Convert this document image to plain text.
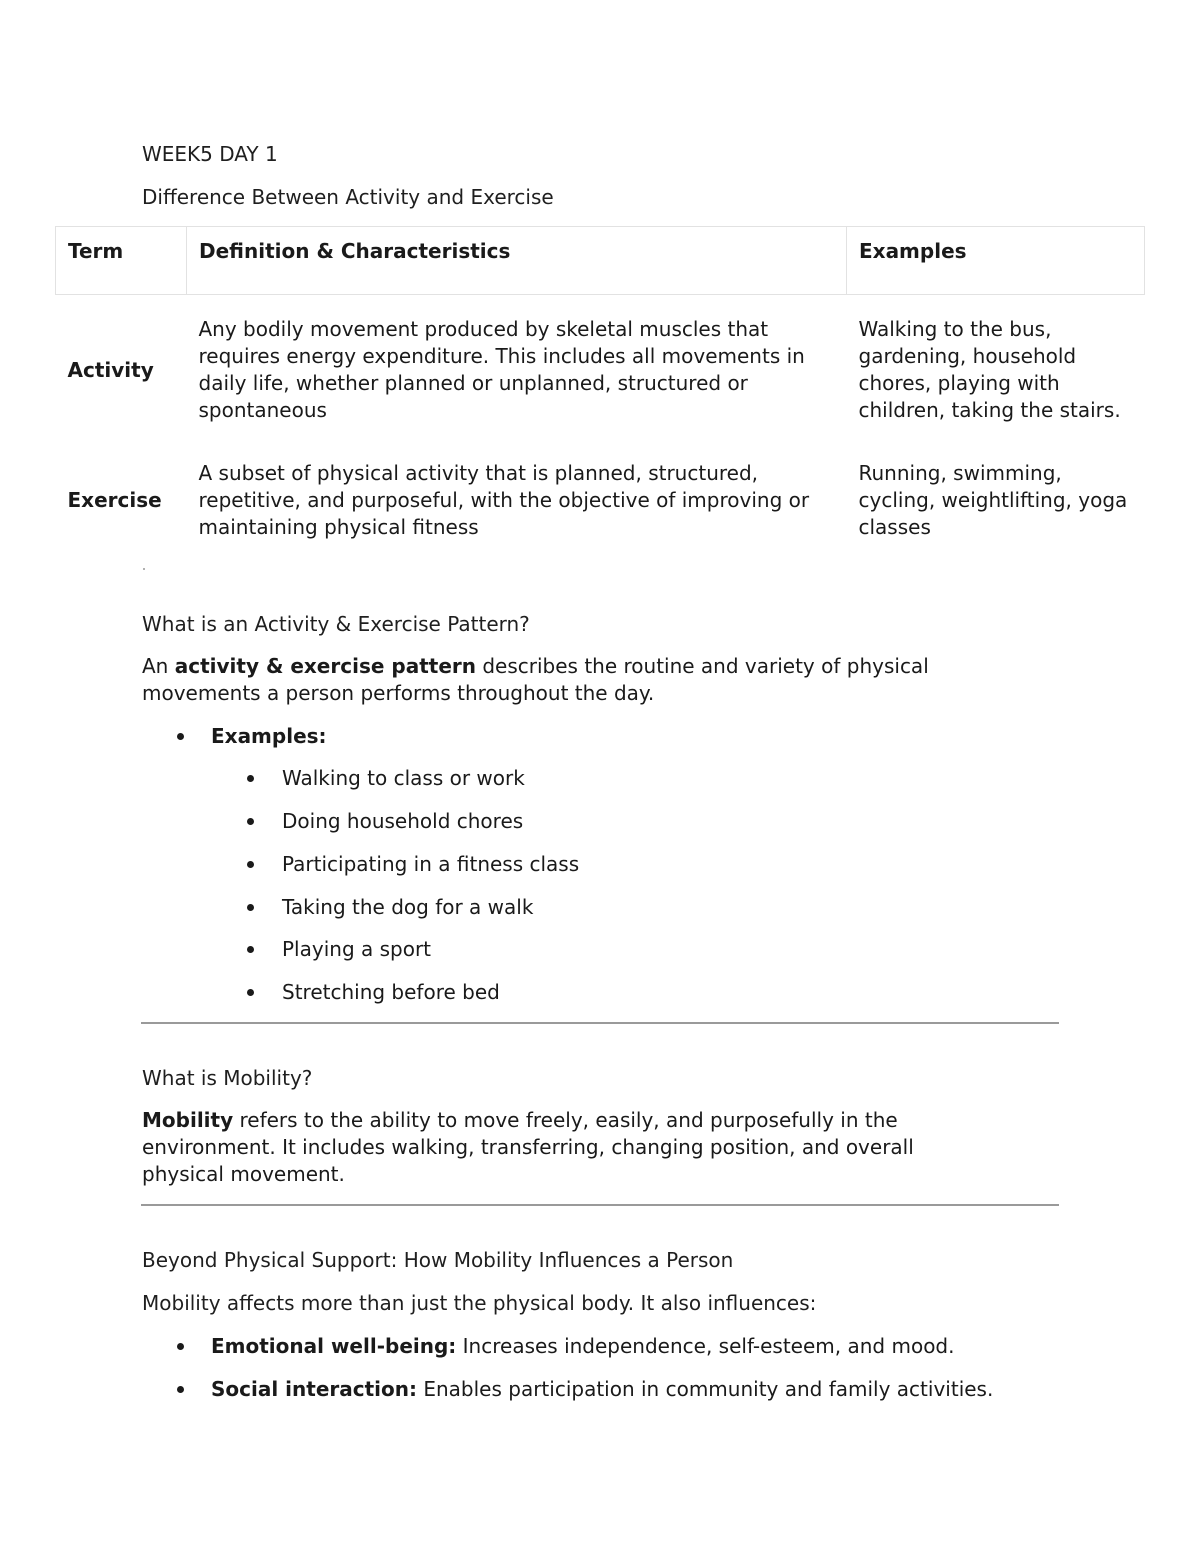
WEEK5 DAY 1
Difference Between Activity and Exercise
Term	Definition & Characteristics	Examples
Activity	Any bodily movement produced by skeletal muscles that requires energy expenditure. This includes all movements in daily life, whether planned or unplanned, structured or spontaneous	Walking to the bus, gardening, household chores, playing with children, taking the stairs.
Exercise	A subset of physical activity that is planned, structured, repetitive, and purposeful, with the objective of improving or maintaining physical fitness	Running, swimming, cycling, weightlifting, yoga classes
What is an Activity & Exercise Pattern?
An activity & exercise pattern describes the routine and variety of physical movements a person performs throughout the day.
Examples:
Walking to class or work
Doing household chores
Participating in a fitness class
Taking the dog for a walk
Playing a sport
Stretching before bed
What is Mobility?
Mobility refers to the ability to move freely, easily, and purposefully in the environment. It includes walking, transferring, changing position, and overall physical movement.
Beyond Physical Support: How Mobility Influences a Person
Mobility affects more than just the physical body. It also influences:
Emotional well-being: Increases independence, self-esteem, and mood.
Social interaction: Enables participation in community and family activities.
